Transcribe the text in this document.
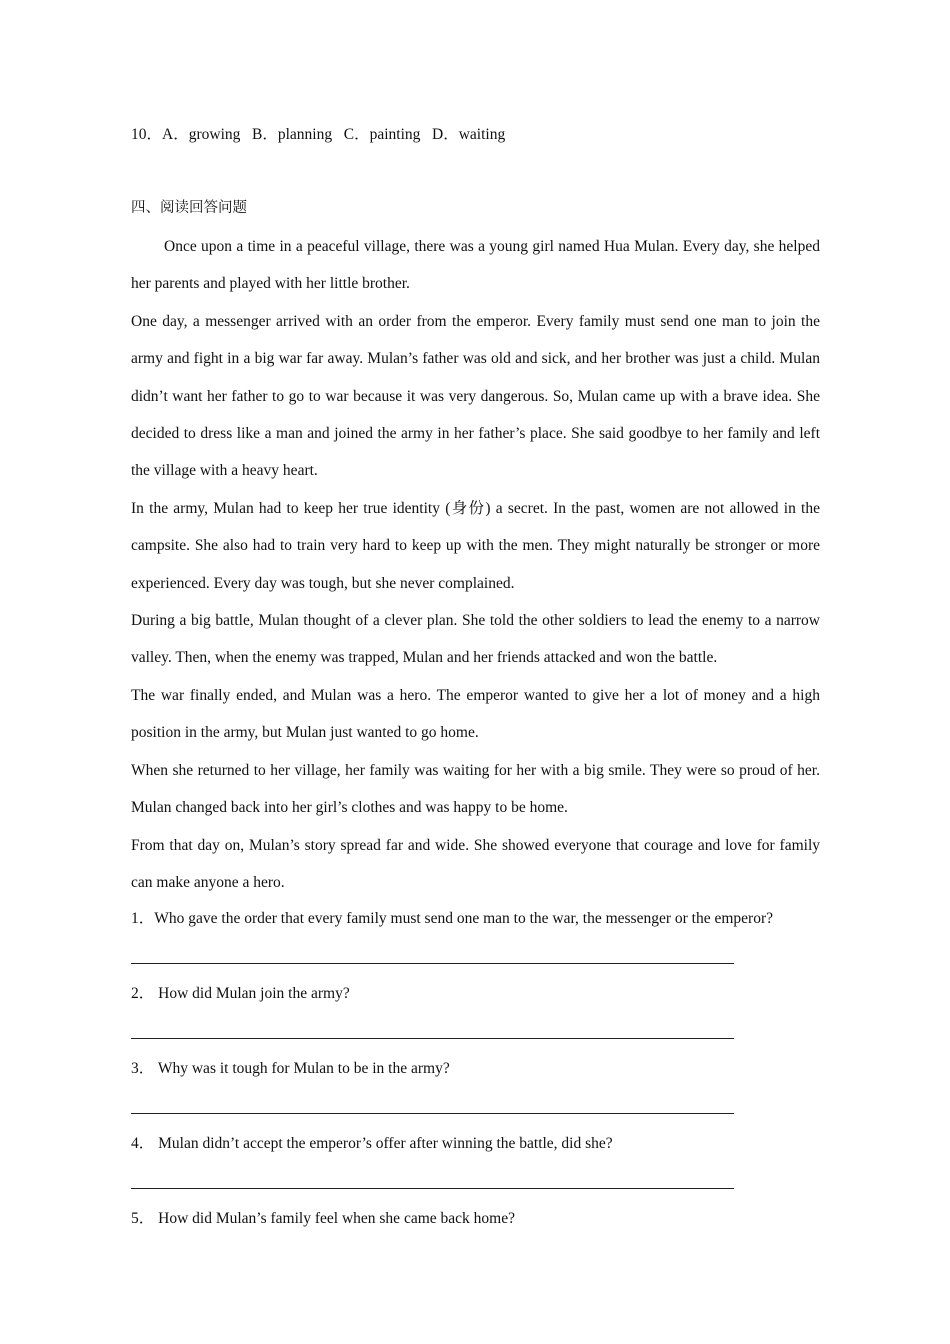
10．A．growing B．planning C．painting D．waiting
四、阅读回答问题

Once upon a time in a peaceful village, there was a young girl named Hua Mulan. Every day, she helped her parents and played with her little brother.

One day, a messenger arrived with an order from the emperor. Every family must send one man to join the army and fight in a big war far away. Mulan’s father was old and sick, and her brother was just a child. Mulan didn’t want her father to go to war because it was very dangerous. So, Mulan came up with a brave idea. She decided to dress like a man and joined the army in her father’s place. She said goodbye to her family and left the village with a heavy heart.

In the army, Mulan had to keep her true identity (身份) a secret. In the past, women are not allowed in the campsite. She also had to train very hard to keep up with the men. They might naturally be stronger or more experienced. Every day was tough, but she never complained.

During a big battle, Mulan thought of a clever plan. She told the other soldiers to lead the enemy to a narrow valley. Then, when the enemy was trapped, Mulan and her friends attacked and won the battle.

The war finally ended, and Mulan was a hero. The emperor wanted to give her a lot of money and a high position in the army, but Mulan just wanted to go home.

When she returned to her village, her family was waiting for her with a big smile. They were so proud of her. Mulan changed back into her girl’s clothes and was happy to be home.

From that day on, Mulan’s story spread far and wide. She showed everyone that courage and love for family can make anyone a hero.

1．Who gave the order that every family must send one man to the war, the messenger or the emperor?
2． How did Mulan join the army?
3． Why was it tough for Mulan to be in the army?
4． Mulan didn’t accept the emperor’s offer after winning the battle, did she?
5． How did Mulan’s family feel when she came back home?
